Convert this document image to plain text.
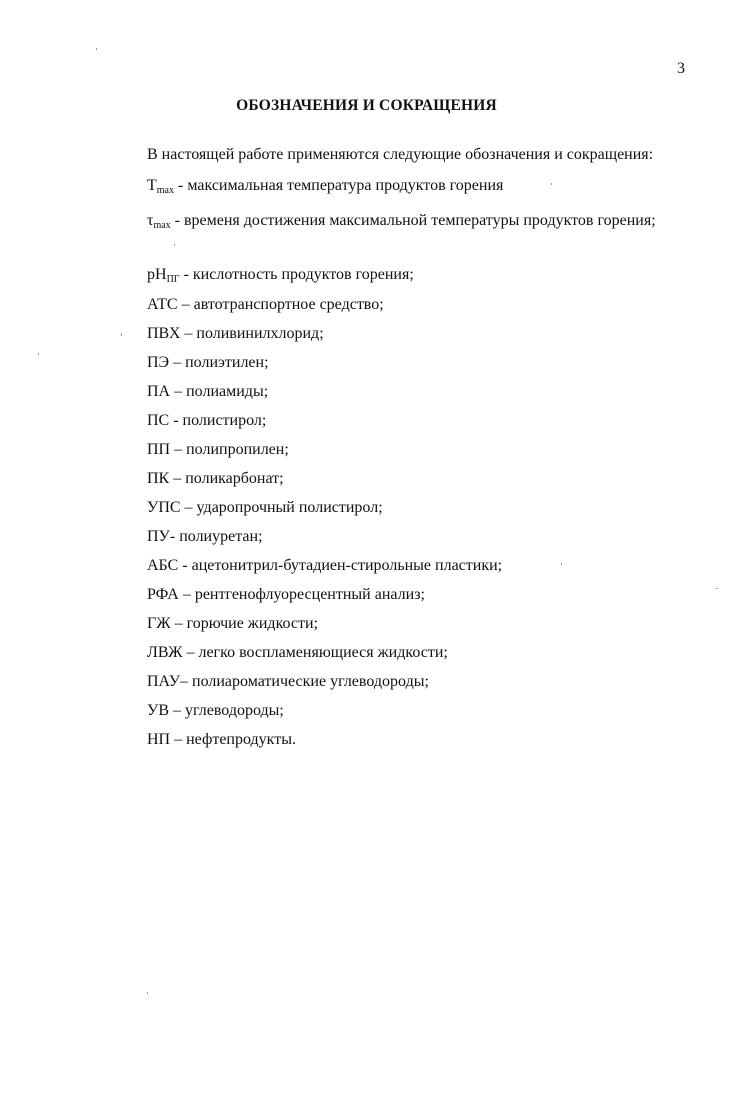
3
ОБОЗНАЧЕНИЯ И СОКРАЩЕНИЯ
В настоящей работе применяются следующие обозначения и сокращения:
$T_{max}$ - максимальная температура продуктов горения
$\tau_{max}$ - временя достижения максимальной температуры продуктов горения;
$pH_{ПГ}$ - кислотность продуктов горения;
АТС – автотранспортное средство;
ПВХ – поливинилхлорид;
ПЭ – полиэтилен;
ПА – полиамиды;
ПС - полистирол;
ПП – полипропилен;
ПК – поликарбонат;
УПС – ударопрочный полистирол;
ПУ- полиуретан;
АБС - ацетонитрил-бутадиен-стирольные пластики;
РФА – рентгенофлуоресцентный анализ;
ГЖ – горючие жидкости;
ЛВЖ – легко воспламеняющиеся жидкости;
ПАУ– полиароматические углеводороды;
УВ – углеводороды;
НП – нефтепродукты.
